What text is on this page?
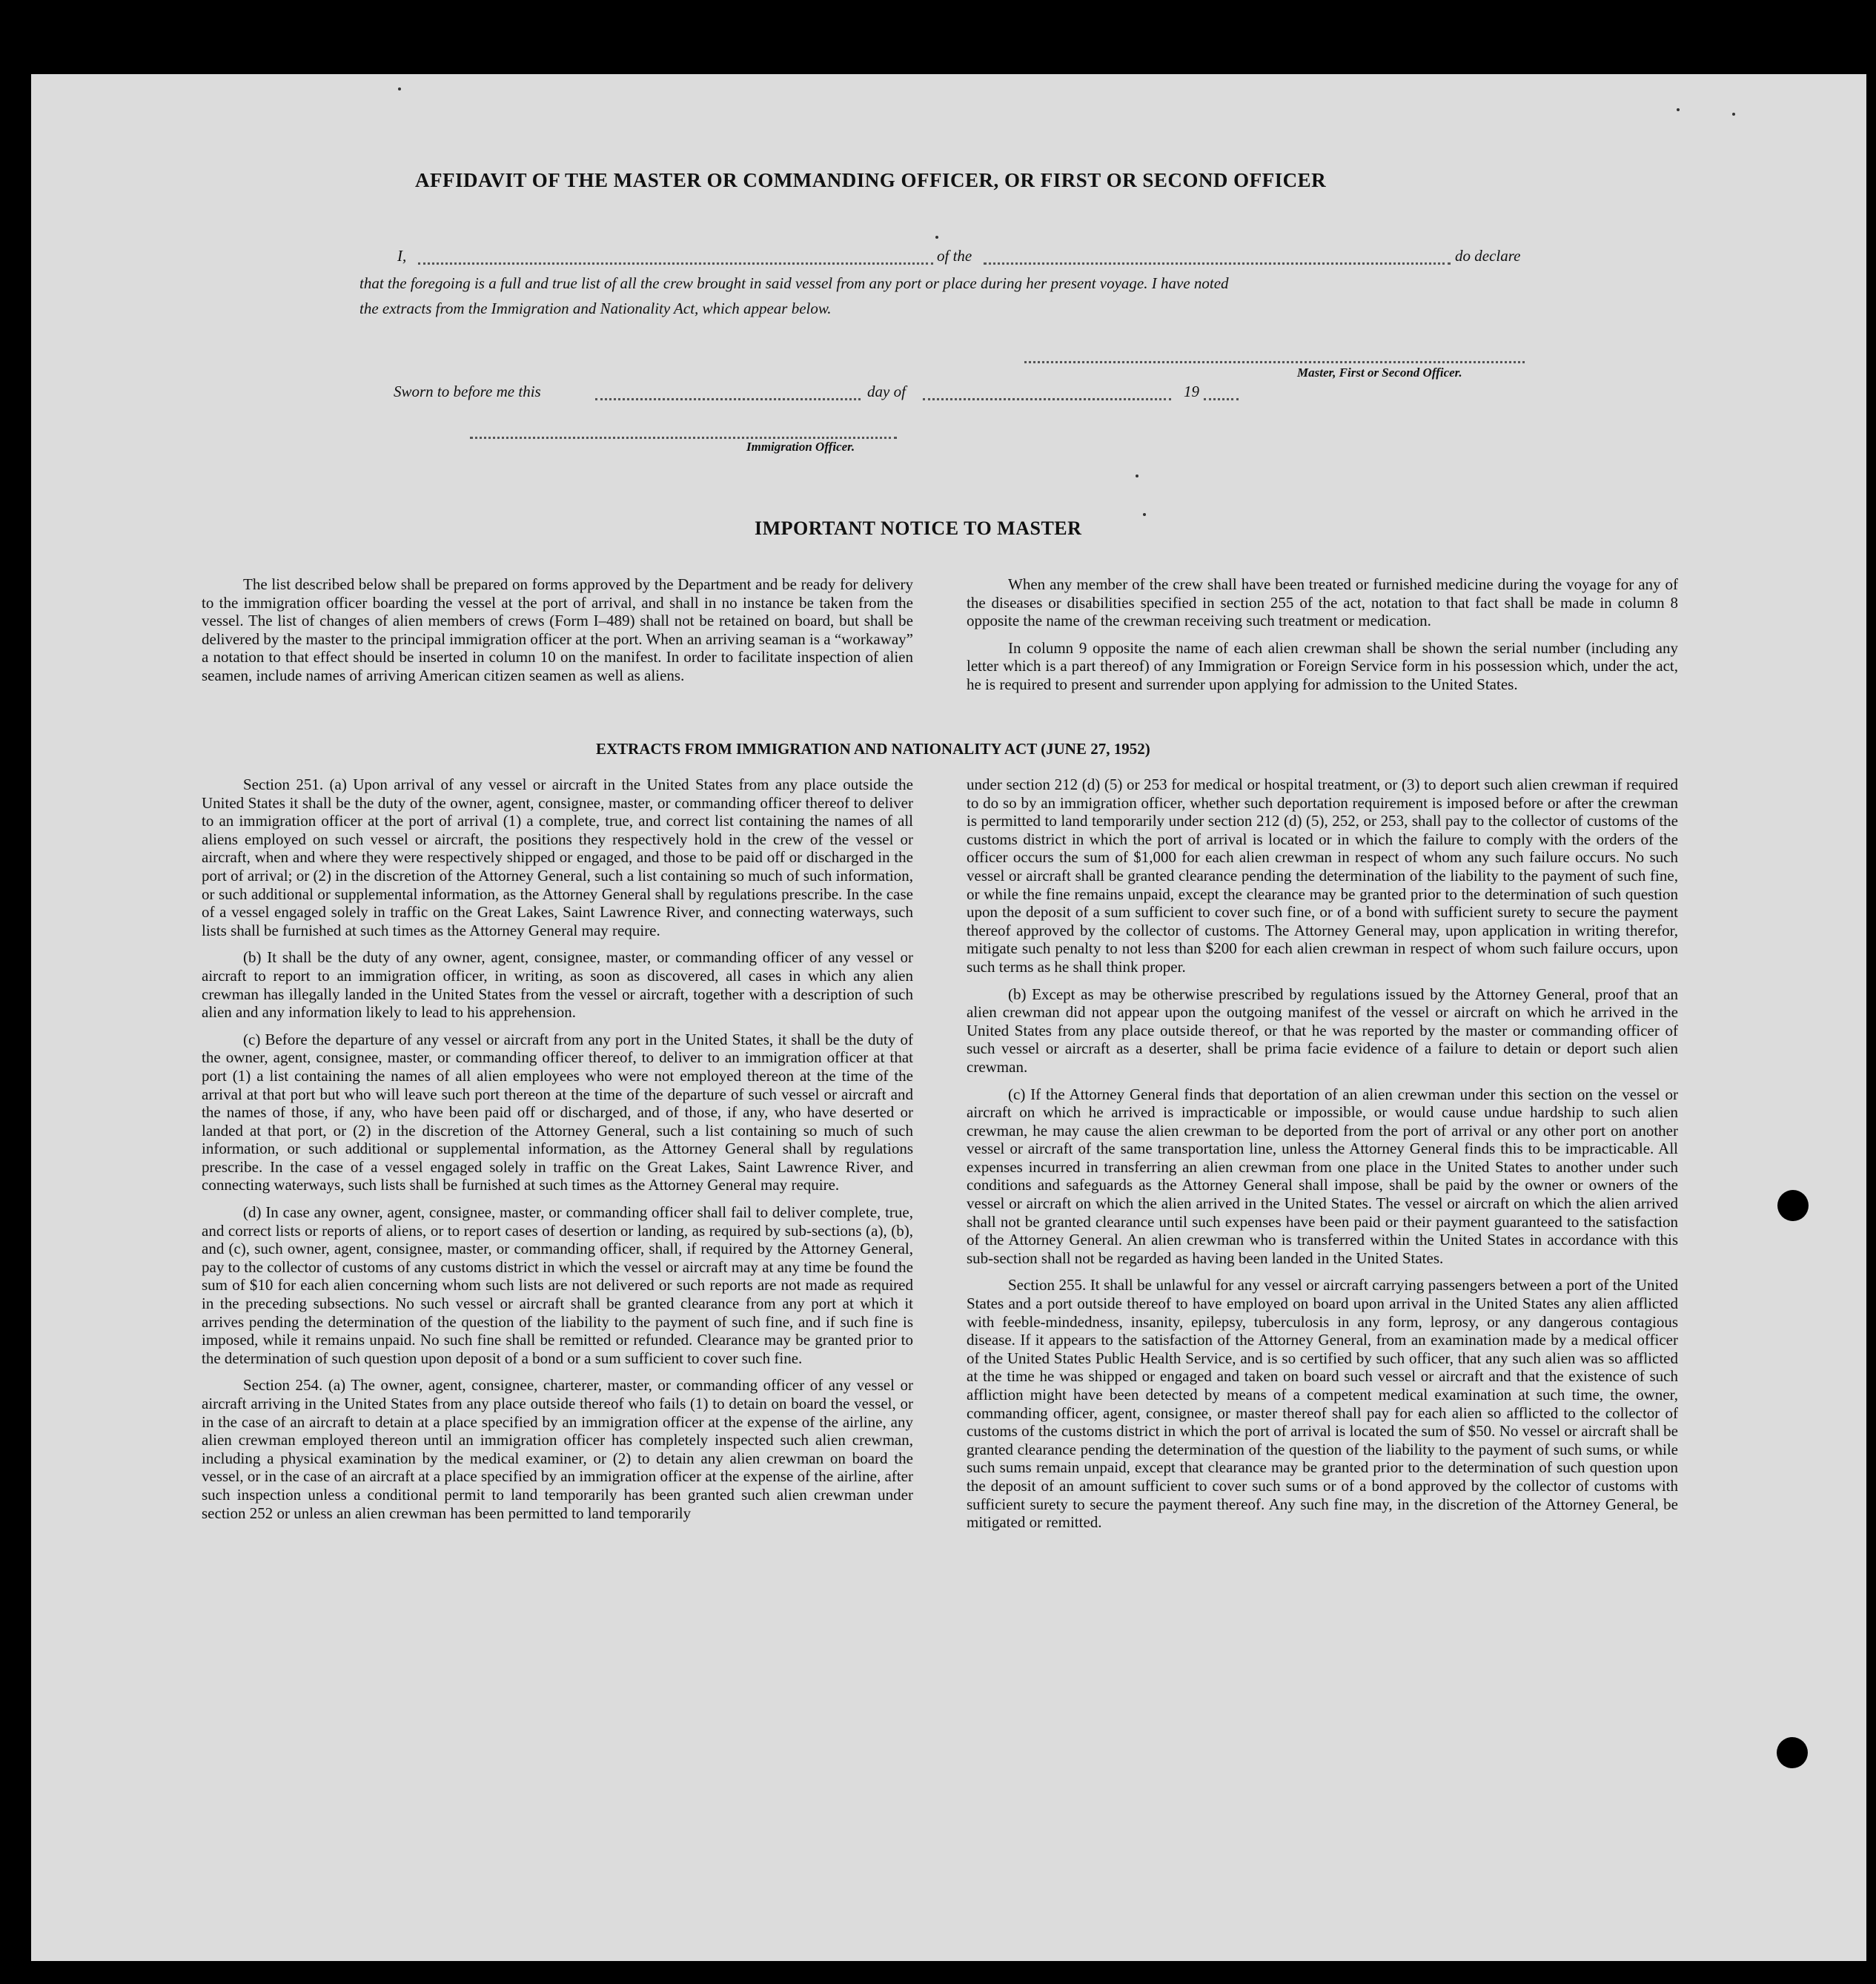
AFFIDAVIT OF THE MASTER OR COMMANDING OFFICER, OR FIRST OR SECOND OFFICER
I,	of the	do declare
that the foregoing is a full and true list of all the crew brought in said vessel from any port or place during her present voyage. I have noted
the extracts from the Immigration and Nationality Act, which appear below.
Master, First or Second Officer.
Sworn to before me this	day of	19
Immigration Officer.
IMPORTANT NOTICE TO MASTER

The list described below shall be prepared on forms approved by the Department and be ready for delivery to the immigration officer boarding the vessel at the port of arrival, and shall in no instance be taken from the vessel. The list of changes of alien members of crews (Form I–489) shall not be retained on board, but shall be delivered by the master to the principal immigration officer at the port. When an arriving seaman is a “workaway” a notation to that effect should be inserted in column 10 on the manifest. In order to facilitate inspection of alien seamen, include names of arriving American citizen seamen as well as aliens.

When any member of the crew shall have been treated or furnished medicine during the voyage for any of the diseases or disabilities specified in section 255 of the act, notation to that fact shall be made in column 8 opposite the name of the crewman receiving such treatment or medication.

In column 9 opposite the name of each alien crewman shall be shown the serial number (including any letter which is a part thereof) of any Immigration or Foreign Service form in his possession which, under the act, he is required to present and surrender upon applying for admission to the United States.

EXTRACTS FROM IMMIGRATION AND NATIONALITY ACT (JUNE 27, 1952)

Section 251. (a) Upon arrival of any vessel or aircraft in the United States from any place outside the United States it shall be the duty of the owner, agent, consignee, master, or commanding officer thereof to deliver to an immigration officer at the port of arrival (1) a complete, true, and correct list containing the names of all aliens employed on such vessel or aircraft, the positions they respectively hold in the crew of the vessel or aircraft, when and where they were respectively shipped or engaged, and those to be paid off or discharged in the port of arrival; or (2) in the discretion of the Attorney General, such a list containing so much of such information, or such additional or supplemental information, as the Attorney General shall by regulations prescribe. In the case of a vessel engaged solely in traffic on the Great Lakes, Saint Lawrence River, and connecting waterways, such lists shall be furnished at such times as the Attorney General may require.

(b) It shall be the duty of any owner, agent, consignee, master, or commanding officer of any vessel or aircraft to report to an immigration officer, in writing, as soon as discovered, all cases in which any alien crewman has illegally landed in the United States from the vessel or aircraft, together with a description of such alien and any information likely to lead to his apprehension.

(c) Before the departure of any vessel or aircraft from any port in the United States, it shall be the duty of the owner, agent, consignee, master, or commanding officer thereof, to deliver to an immigration officer at that port (1) a list containing the names of all alien employees who were not employed thereon at the time of the arrival at that port but who will leave such port thereon at the time of the departure of such vessel or aircraft and the names of those, if any, who have been paid off or discharged, and of those, if any, who have deserted or landed at that port, or (2) in the discretion of the Attorney General, such a list containing so much of such information, or such additional or supplemental information, as the Attorney General shall by regulations prescribe. In the case of a vessel engaged solely in traffic on the Great Lakes, Saint Lawrence River, and connecting waterways, such lists shall be furnished at such times as the Attorney General may require.

(d) In case any owner, agent, consignee, master, or commanding officer shall fail to deliver complete, true, and correct lists or reports of aliens, or to report cases of desertion or landing, as required by sub-sections (a), (b), and (c), such owner, agent, consignee, master, or commanding officer, shall, if required by the Attorney General, pay to the collector of customs of any customs district in which the vessel or aircraft may at any time be found the sum of $10 for each alien concerning whom such lists are not delivered or such reports are not made as required in the preceding subsections. No such vessel or aircraft shall be granted clearance from any port at which it arrives pending the determination of the question of the liability to the payment of such fine, and if such fine is imposed, while it remains unpaid. No such fine shall be remitted or refunded. Clearance may be granted prior to the determination of such question upon deposit of a bond or a sum sufficient to cover such fine.

Section 254. (a) The owner, agent, consignee, charterer, master, or commanding officer of any vessel or aircraft arriving in the United States from any place outside thereof who fails (1) to detain on board the vessel, or in the case of an aircraft to detain at a place specified by an immigration officer at the expense of the airline, any alien crewman employed thereon until an immigration officer has completely inspected such alien crewman, including a physical examination by the medical examiner, or (2) to detain any alien crewman on board the vessel, or in the case of an aircraft at a place specified by an immigration officer at the expense of the airline, after such inspection unless a conditional permit to land temporarily has been granted such alien crewman under section 252 or unless an alien crewman has been permitted to land temporarily

under section 212 (d) (5) or 253 for medical or hospital treatment, or (3) to deport such alien crewman if required to do so by an immigration officer, whether such deportation requirement is imposed before or after the crewman is permitted to land temporarily under section 212 (d) (5), 252, or 253, shall pay to the collector of customs of the customs district in which the port of arrival is located or in which the failure to comply with the orders of the officer occurs the sum of $1,000 for each alien crewman in respect of whom any such failure occurs. No such vessel or aircraft shall be granted clearance pending the determination of the liability to the payment of such fine, or while the fine remains unpaid, except the clearance may be granted prior to the determination of such question upon the deposit of a sum sufficient to cover such fine, or of a bond with sufficient surety to secure the payment thereof approved by the collector of customs. The Attorney General may, upon application in writing therefor, mitigate such penalty to not less than $200 for each alien crewman in respect of whom such failure occurs, upon such terms as he shall think proper.

(b) Except as may be otherwise prescribed by regulations issued by the Attorney General, proof that an alien crewman did not appear upon the outgoing manifest of the vessel or aircraft on which he arrived in the United States from any place outside thereof, or that he was reported by the master or commanding officer of such vessel or aircraft as a deserter, shall be prima facie evidence of a failure to detain or deport such alien crewman.

(c) If the Attorney General finds that deportation of an alien crewman under this section on the vessel or aircraft on which he arrived is impracticable or impossible, or would cause undue hardship to such alien crewman, he may cause the alien crewman to be deported from the port of arrival or any other port on another vessel or aircraft of the same transportation line, unless the Attorney General finds this to be impracticable. All expenses incurred in transferring an alien crewman from one place in the United States to another under such conditions and safeguards as the Attorney General shall impose, shall be paid by the owner or owners of the vessel or aircraft on which the alien arrived in the United States. The vessel or aircraft on which the alien arrived shall not be granted clearance until such expenses have been paid or their payment guaranteed to the satisfaction of the Attorney General. An alien crewman who is transferred within the United States in accordance with this sub-section shall not be regarded as having been landed in the United States.

Section 255. It shall be unlawful for any vessel or aircraft carrying passengers between a port of the United States and a port outside thereof to have employed on board upon arrival in the United States any alien afflicted with feeble-mindedness, insanity, epilepsy, tuberculosis in any form, leprosy, or any dangerous contagious disease. If it appears to the satisfaction of the Attorney General, from an examination made by a medical officer of the United States Public Health Service, and is so certified by such officer, that any such alien was so afflicted at the time he was shipped or engaged and taken on board such vessel or aircraft and that the existence of such affliction might have been detected by means of a competent medical examination at such time, the owner, commanding officer, agent, consignee, or master thereof shall pay for each alien so afflicted to the collector of customs of the customs district in which the port of arrival is located the sum of $50. No vessel or aircraft shall be granted clearance pending the determination of the question of the liability to the payment of such sums, or while such sums remain unpaid, except that clearance may be granted prior to the determination of such question upon the deposit of an amount sufficient to cover such sums or of a bond approved by the collector of customs with sufficient surety to secure the payment thereof. Any such fine may, in the discretion of the Attorney General, be mitigated or remitted.
